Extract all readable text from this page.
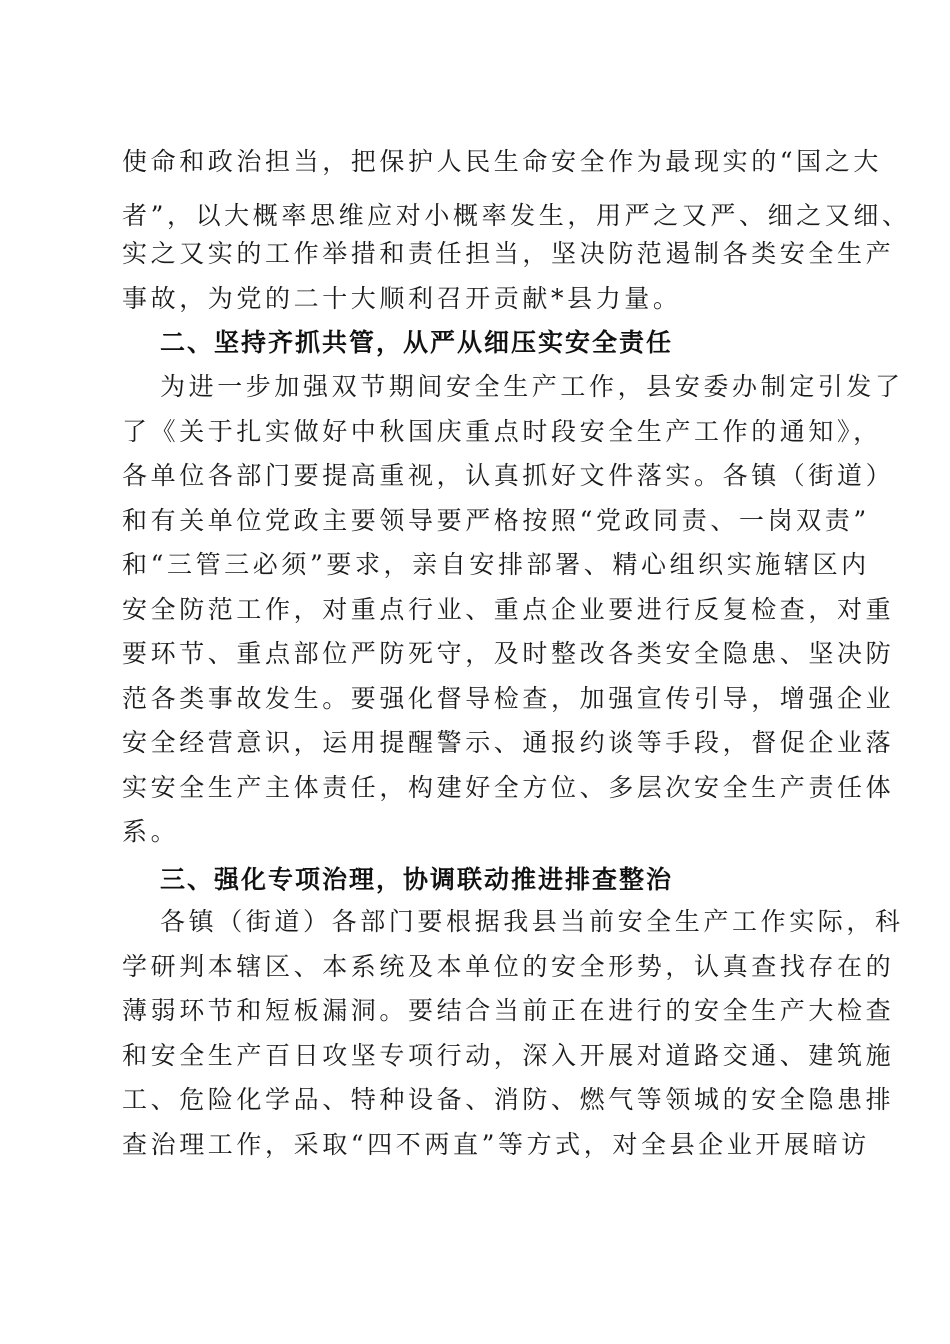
使命和政治担当，把保护人民生命安全作为最现实的“国之大
者”，以大概率思维应对小概率发生，用严之又严、细之又细、
实之又实的工作举措和责任担当，坚决防范遏制各类安全生产
事故，为党的二十大顺利召开贡献*县力量。
二、坚持齐抓共管，从严从细压实安全责任
为进一步加强双节期间安全生产工作，县安委办制定引发了
了《关于扎实做好中秋国庆重点时段安全生产工作的通知》，
各单位各部门要提高重视，认真抓好文件落实。各镇（街道）
和有关单位党政主要领导要严格按照“党政同责、一岗双责”
和“三管三必须”要求，亲自安排部署、精心组织实施辖区内
安全防范工作，对重点行业、重点企业要进行反复检查，对重
要环节、重点部位严防死守，及时整改各类安全隐患、坚决防
范各类事故发生。要强化督导检查，加强宣传引导，增强企业
安全经营意识，运用提醒警示、通报约谈等手段，督促企业落
实安全生产主体责任，构建好全方位、多层次安全生产责任体
系。
三、强化专项治理，协调联动推进排查整治
各镇（街道）各部门要根据我县当前安全生产工作实际，科
学研判本辖区、本系统及本单位的安全形势，认真查找存在的
薄弱环节和短板漏洞。要结合当前正在进行的安全生产大检查
和安全生产百日攻坚专项行动，深入开展对道路交通、建筑施
工、危险化学品、特种设备、消防、燃气等领城的安全隐患排
查治理工作，采取“四不两直”等方式，对全县企业开展暗访
